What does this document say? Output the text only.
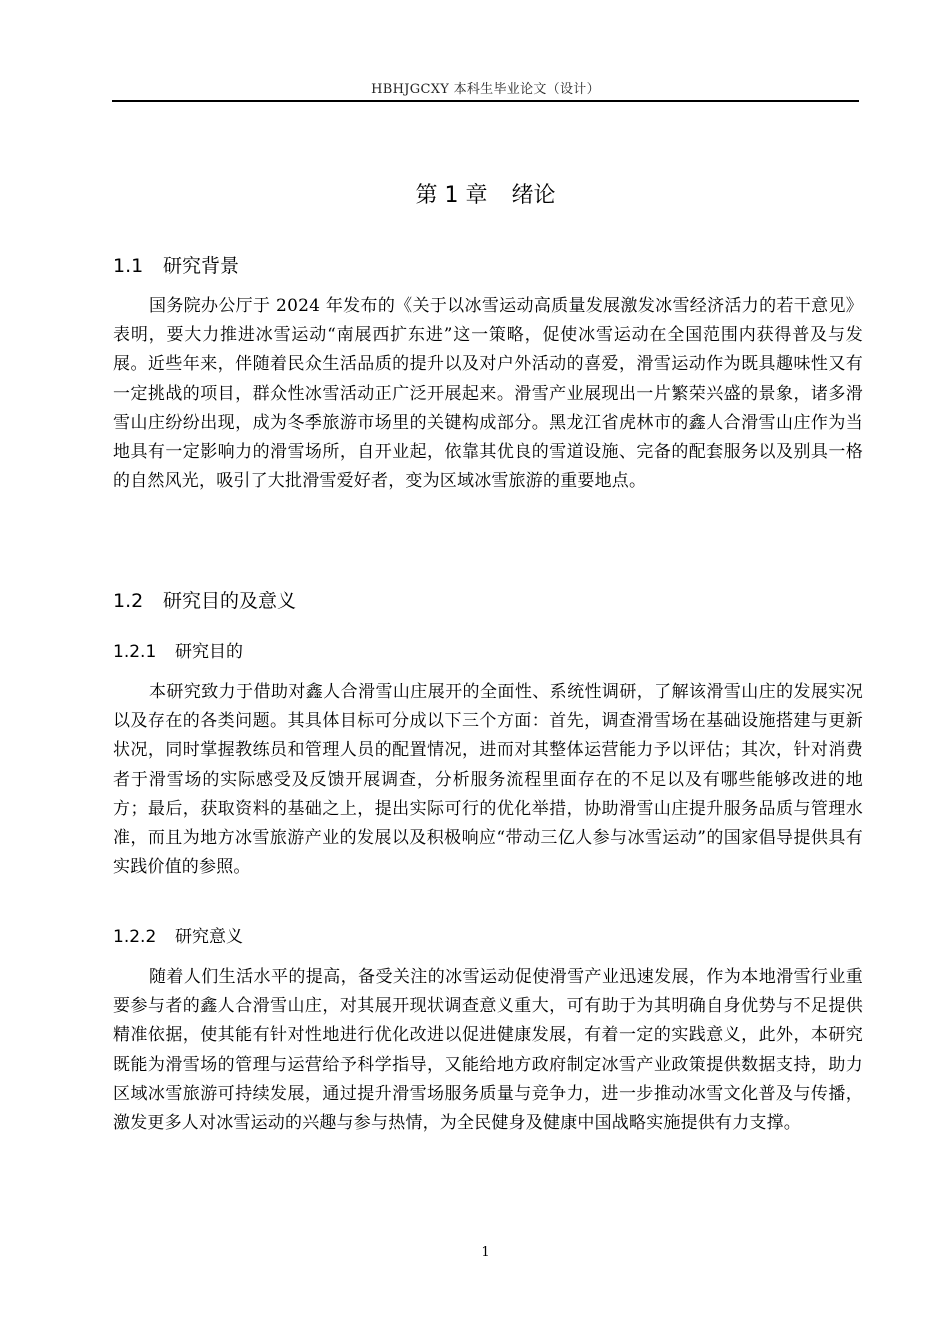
HBHJGCXY 本科生毕业论文（设计）
第 1 章 绪论
1.1 研究背景
国务院办公厅于 2024 年发布的《关于以冰雪运动高质量发展激发冰雪经济活力的若干意见》表明，要大力推进冰雪运动“南展西扩东进”这一策略，促使冰雪运动在全国范围内获得普及与发展。近些年来，伴随着民众生活品质的提升以及对户外活动的喜爱，滑雪运动作为既具趣味性又有一定挑战的项目，群众性冰雪活动正广泛开展起来。滑雪产业展现出一片繁荣兴盛的景象，诸多滑雪山庄纷纷出现，成为冬季旅游市场里的关键构成部分。黑龙江省虎林市的鑫人合滑雪山庄作为当地具有一定影响力的滑雪场所，自开业起，依靠其优良的雪道设施、完备的配套服务以及别具一格的自然风光，吸引了大批滑雪爱好者，变为区域冰雪旅游的重要地点。
1.2 研究目的及意义
1.2.1 研究目的
本研究致力于借助对鑫人合滑雪山庄展开的全面性、系统性调研，了解该滑雪山庄的发展实况以及存在的各类问题。其具体目标可分成以下三个方面：首先，调查滑雪场在基础设施搭建与更新状况，同时掌握教练员和管理人员的配置情况，进而对其整体运营能力予以评估；其次，针对消费者于滑雪场的实际感受及反馈开展调查，分析服务流程里面存在的不足以及有哪些能够改进的地方；最后，获取资料的基础之上，提出实际可行的优化举措，协助滑雪山庄提升服务品质与管理水准，而且为地方冰雪旅游产业的发展以及积极响应“带动三亿人参与冰雪运动”的国家倡导提供具有实践价值的参照。
1.2.2 研究意义
随着人们生活水平的提高，备受关注的冰雪运动促使滑雪产业迅速发展，作为本地滑雪行业重要参与者的鑫人合滑雪山庄，对其展开现状调查意义重大，可有助于为其明确自身优势与不足提供精准依据，使其能有针对性地进行优化改进以促进健康发展，有着一定的实践意义，此外，本研究既能为滑雪场的管理与运营给予科学指导，又能给地方政府制定冰雪产业政策提供数据支持，助力区域冰雪旅游可持续发展，通过提升滑雪场服务质量与竞争力，进一步推动冰雪文化普及与传播，激发更多人对冰雪运动的兴趣与参与热情，为全民健身及健康中国战略实施提供有力支撑。
1
